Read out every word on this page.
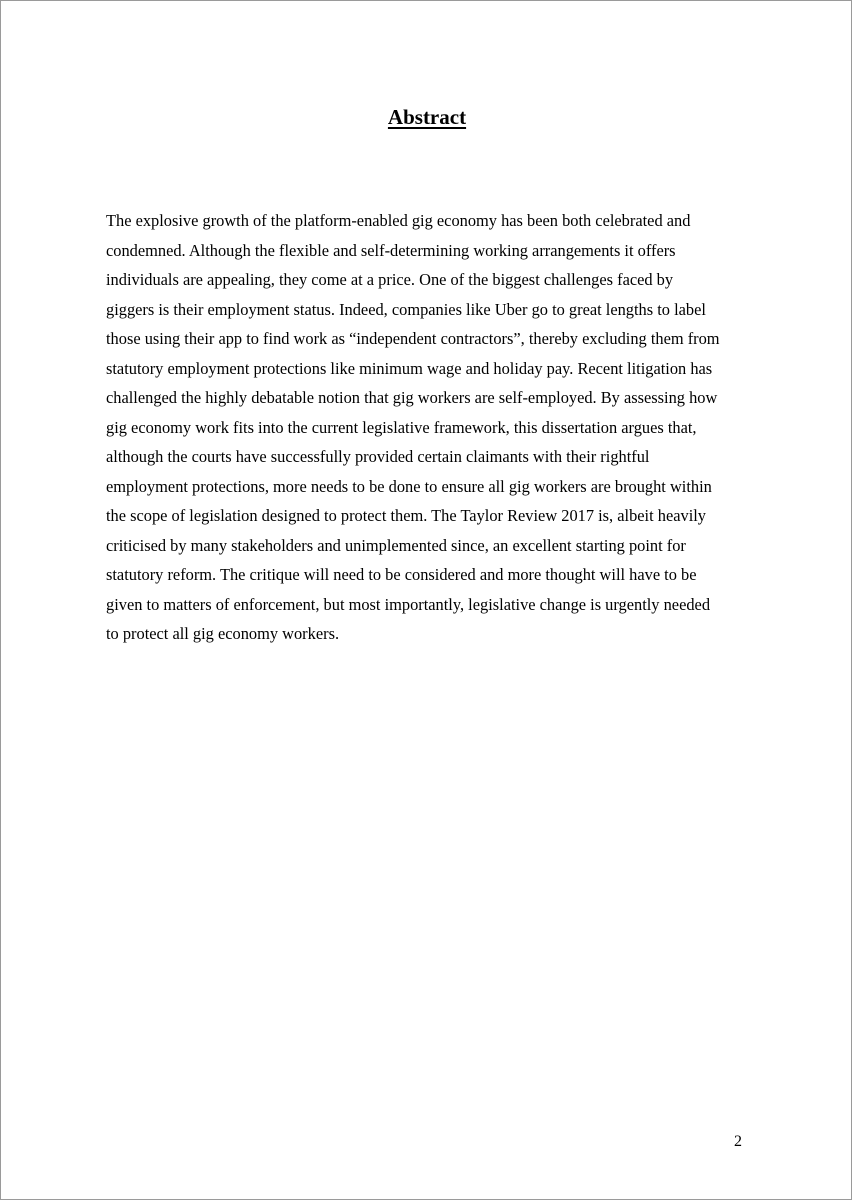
Abstract

The explosive growth of the platform-enabled gig economy has been both celebrated and
condemned. Although the flexible and self-determining working arrangements it offers
individuals are appealing, they come at a price. One of the biggest challenges faced by
giggers is their employment status. Indeed, companies like Uber go to great lengths to label
those using their app to find work as “independent contractors”, thereby excluding them from
statutory employment protections like minimum wage and holiday pay. Recent litigation has
challenged the highly debatable notion that gig workers are self-employed. By assessing how
gig economy work fits into the current legislative framework, this dissertation argues that,
although the courts have successfully provided certain claimants with their rightful
employment protections, more needs to be done to ensure all gig workers are brought within
the scope of legislation designed to protect them. The Taylor Review 2017 is, albeit heavily
criticised by many stakeholders and unimplemented since, an excellent starting point for
statutory reform. The critique will need to be considered and more thought will have to be
given to matters of enforcement, but most importantly, legislative change is urgently needed
to protect all gig economy workers.

2
